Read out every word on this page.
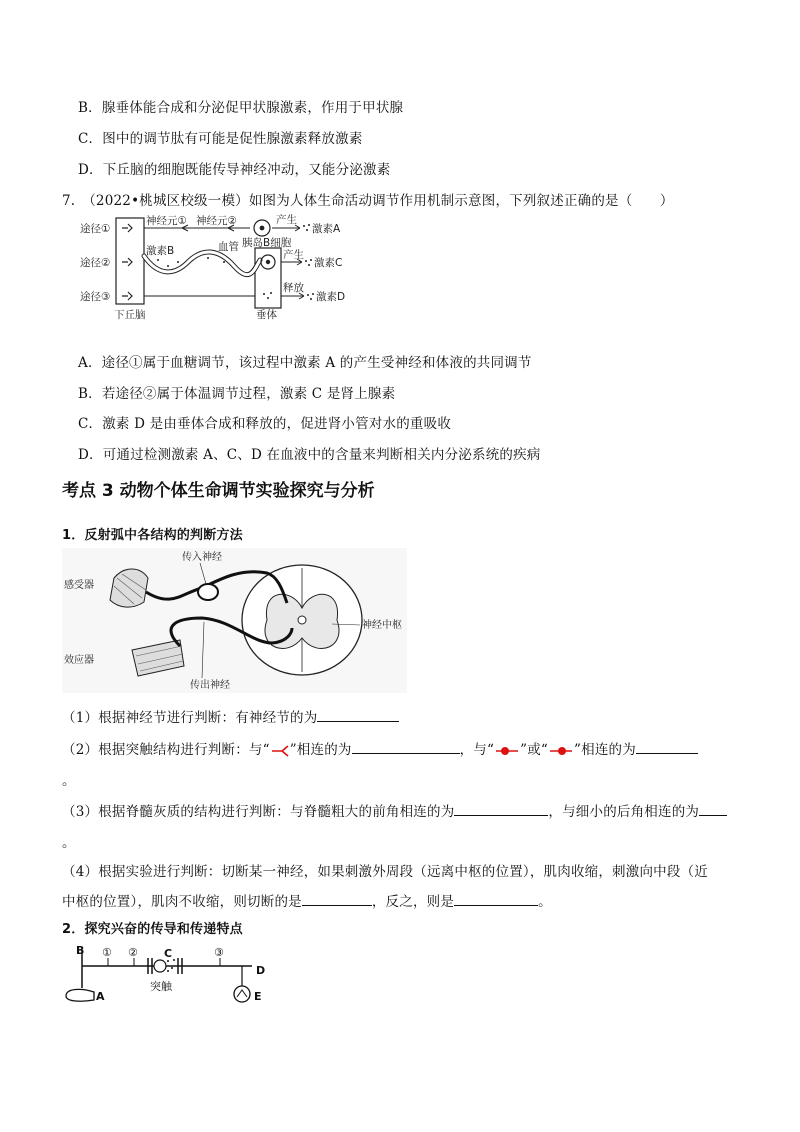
B．腺垂体能合成和分泌促甲状腺激素，作用于甲状腺
C．图中的调节肽有可能是促性腺激素释放激素
D．下丘脑的细胞既能传导神经冲动，又能分泌激素
7.　（2022•桃城区校级一模）如图为人体生命活动调节作用机制示意图，下列叙述正确的是（　　）
途径①
途径②
途径③
神经元① 神经元②	产生
激素A
激素B	血管 胰岛B细胞
产生
激素C
释放
激素D
下丘脑	垂体
A．途径①属于血糖调节，该过程中激素 A 的产生受神经和体液的共同调节
B．若途径②属于体温调节过程，激素 C 是肾上腺素
C．激素 D 是由垂体合成和释放的，促进肾小管对水的重吸收
D．可通过检测激素 A、C、D 在血液中的含量来判断相关内分泌系统的疾病
考点 3 动物个体生命调节实验探究与分析
1．反射弧中各结构的判断方法
传入神经
感受器
神经中枢
效应器
传出神经
（1）根据神经节进行判断：有神经节的为
（2）根据突触结构进行判断：与“ ”相连的为	，与“ ”或“ ”相连的为
。
（3）根据脊髓灰质的结构进行判断：与脊髓粗大的前角相连的为	，与细小的后角相连的为
。
（4）根据实验进行判断：切断某一神经，如果刺激外周段（远离中枢的位置），肌肉收缩，刺激向中段（近
中枢的位置），肌肉不收缩，则切断的是	，反之，则是	。
2．探究兴奋的传导和传递特点
B
A
① ②	③
C
突触
D
E
